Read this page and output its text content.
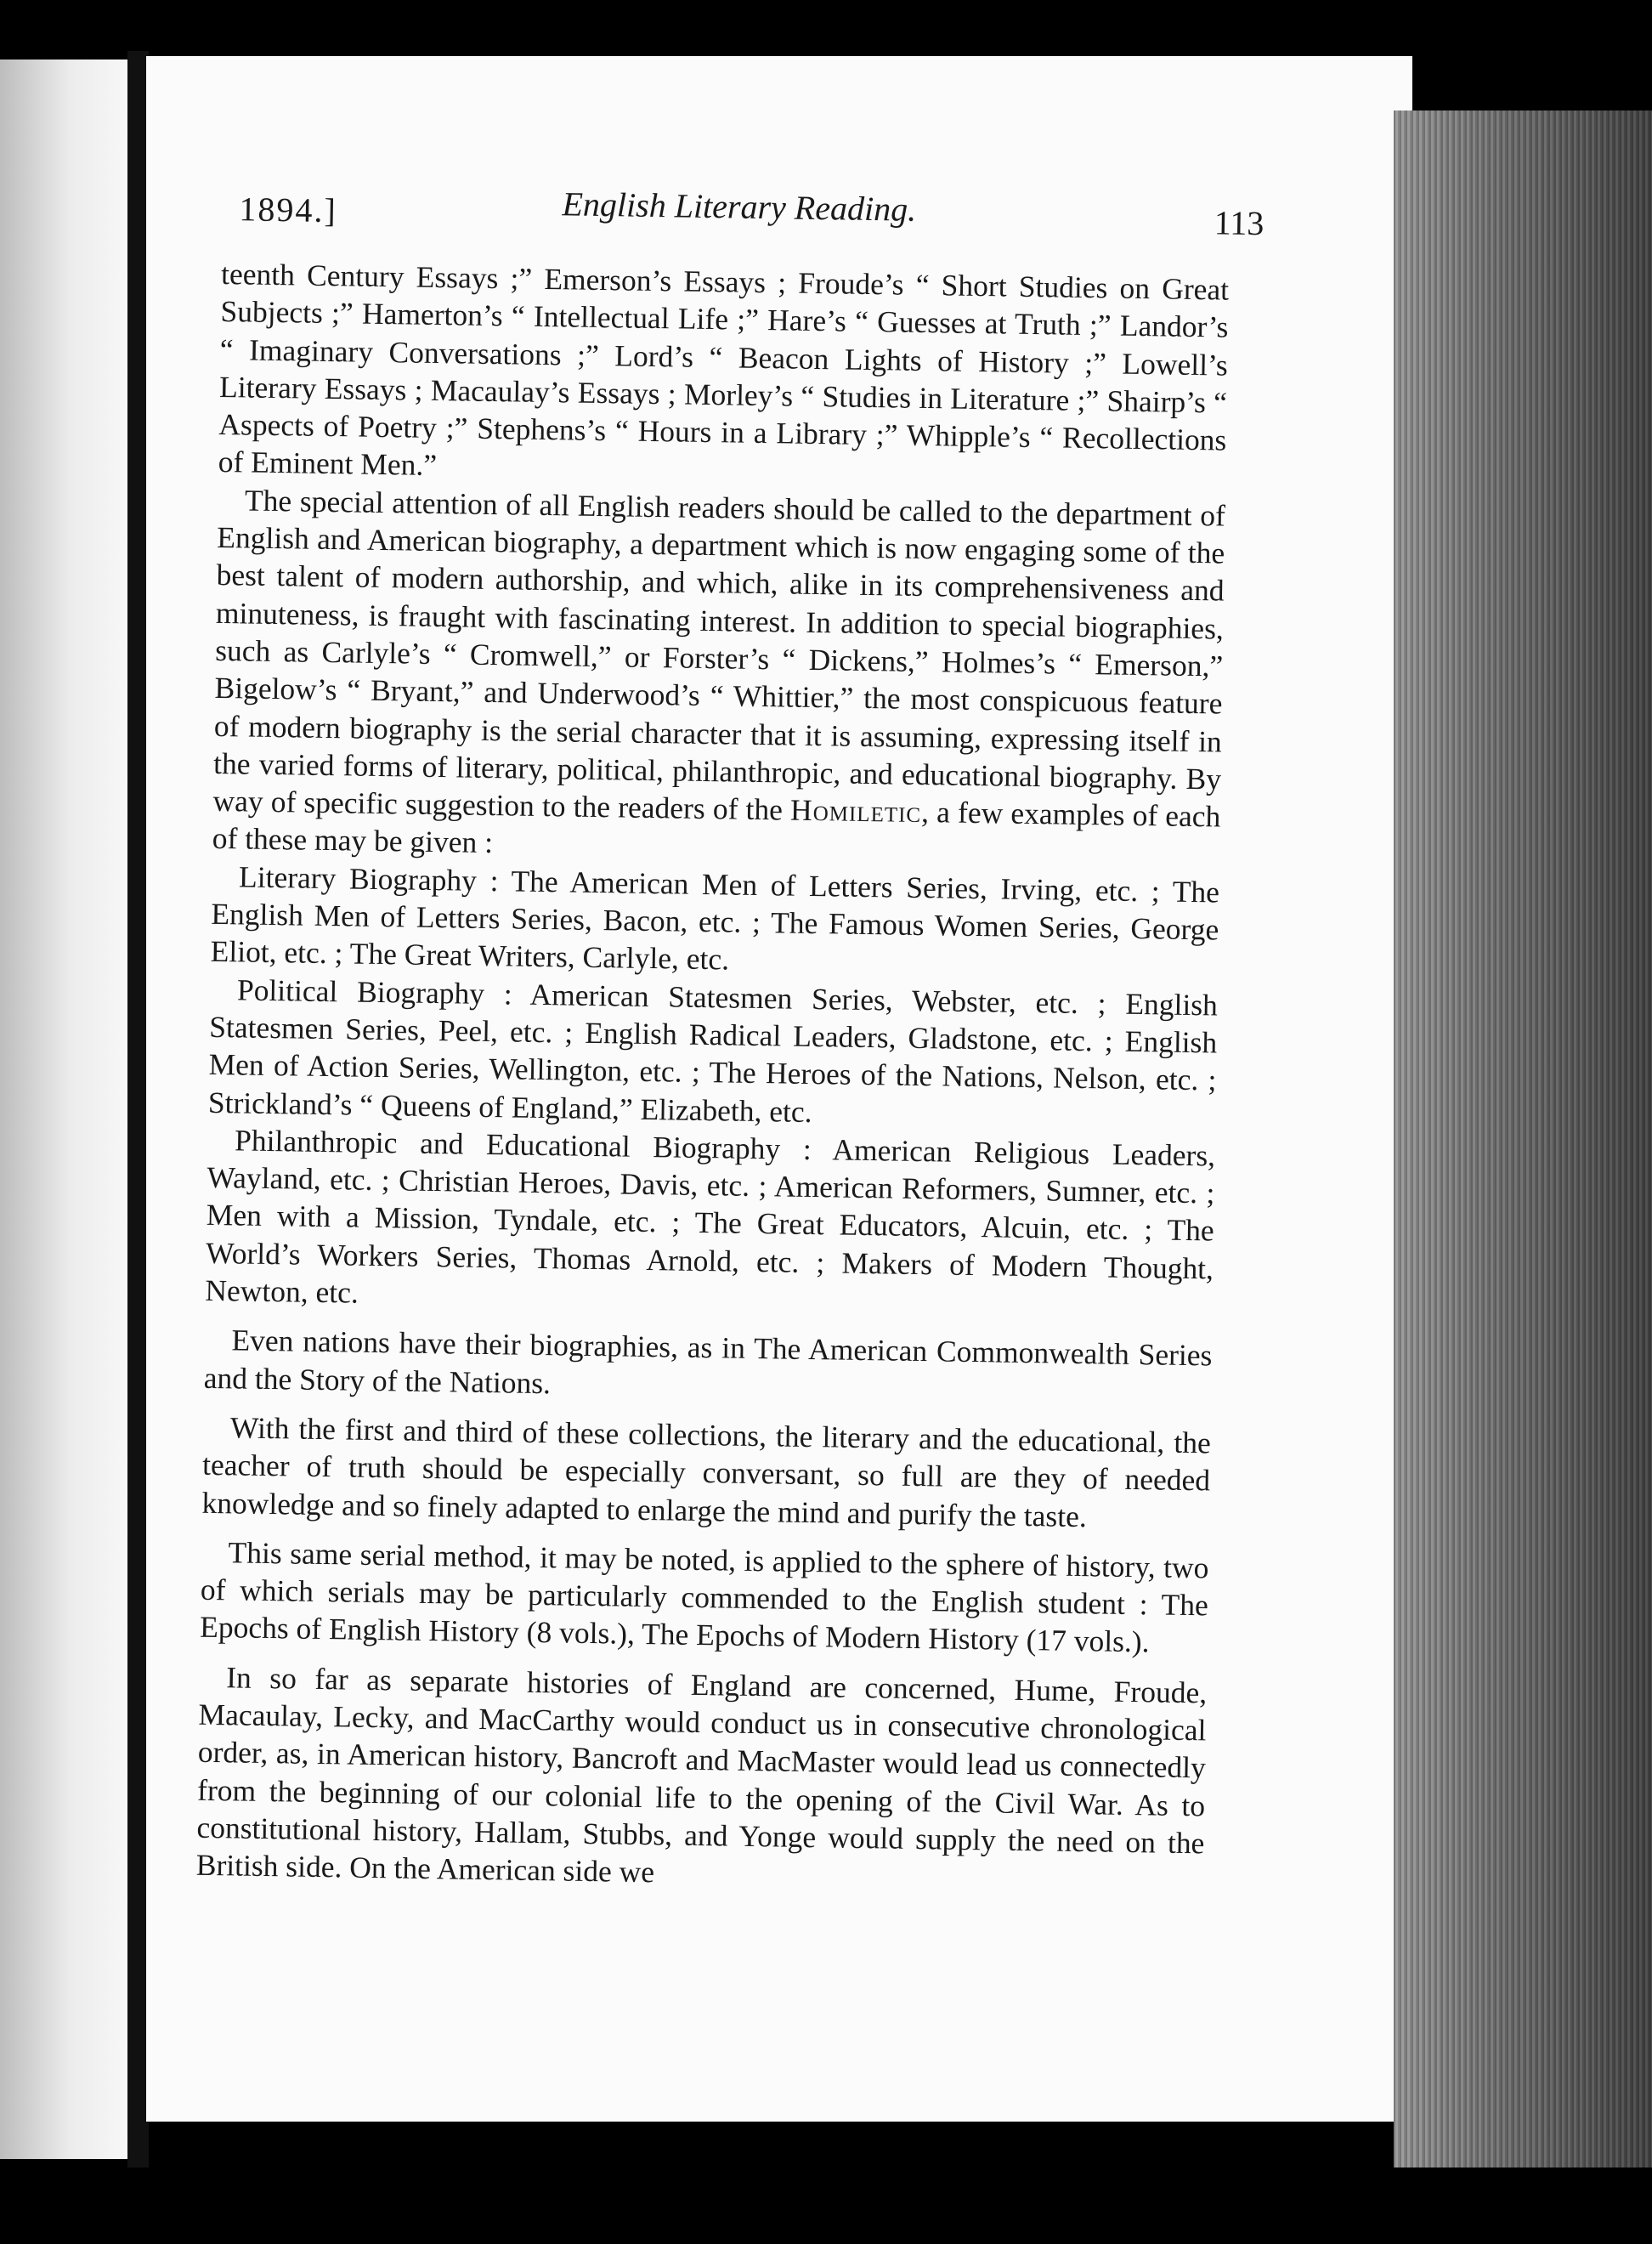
1894.]	English Literary Reading.	113

teenth Century Essays ;” Emerson’s Essays ; Froude’s “ Short Studies on Great Subjects ;” Hamerton’s “ Intellectual Life ;” Hare’s “ Guesses at Truth ;” Landor’s “ Imaginary Conversations ;” Lord’s “ Beacon Lights of History ;” Lowell’s Literary Essays ; Macaulay’s Essays ; Morley’s “ Studies in Literature ;” Shairp’s “ Aspects of Poetry ;” Stephens’s “ Hours in a Library ;” Whipple’s “ Recollections of Eminent Men.”

The special attention of all English readers should be called to the department of English and American biography, a department which is now engaging some of the best talent of modern authorship, and which, alike in its comprehensiveness and minuteness, is fraught with fascinating interest. In addition to special biographies, such as Carlyle’s “ Cromwell,” or Forster’s “ Dickens,” Holmes’s “ Emerson,” Bigelow’s “ Bryant,” and Underwood’s “ Whittier,” the most conspicuous feature of modern biography is the serial character that it is assuming, expressing itself in the varied forms of literary, political, philanthropic, and educational biography. By way of specific suggestion to the readers of the Homiletic, a few examples of each of these may be given :

Literary Biography : The American Men of Letters Series, Irving, etc. ; The English Men of Letters Series, Bacon, etc. ; The Famous Women Series, George Eliot, etc. ; The Great Writers, Carlyle, etc.

Political Biography : American Statesmen Series, Webster, etc. ; English Statesmen Series, Peel, etc. ; English Radical Leaders, Gladstone, etc. ; English Men of Action Series, Wellington, etc. ; The Heroes of the Nations, Nelson, etc. ; Strickland’s “ Queens of England,” Elizabeth, etc.

Philanthropic and Educational Biography : American Religious Leaders, Wayland, etc. ; Christian Heroes, Davis, etc. ; American Reformers, Sumner, etc. ; Men with a Mission, Tyndale, etc. ; The Great Educators, Alcuin, etc. ; The World’s Workers Series, Thomas Arnold, etc. ; Makers of Modern Thought, Newton, etc.

Even nations have their biographies, as in The American Commonwealth Series and the Story of the Nations.

With the first and third of these collections, the literary and the educational, the teacher of truth should be especially conversant, so full are they of needed knowledge and so finely adapted to enlarge the mind and purify the taste.

This same serial method, it may be noted, is applied to the sphere of history, two of which serials may be particularly commended to the English student : The Epochs of English History (8 vols.), The Epochs of Modern History (17 vols.).

In so far as separate histories of England are concerned, Hume, Froude, Macaulay, Lecky, and MacCarthy would conduct us in consecutive chronological order, as, in American history, Bancroft and MacMaster would lead us connectedly from the beginning of our colonial life to the opening of the Civil War. As to constitutional history, Hallam, Stubbs, and Yonge would supply the need on the British side. On the American side we
